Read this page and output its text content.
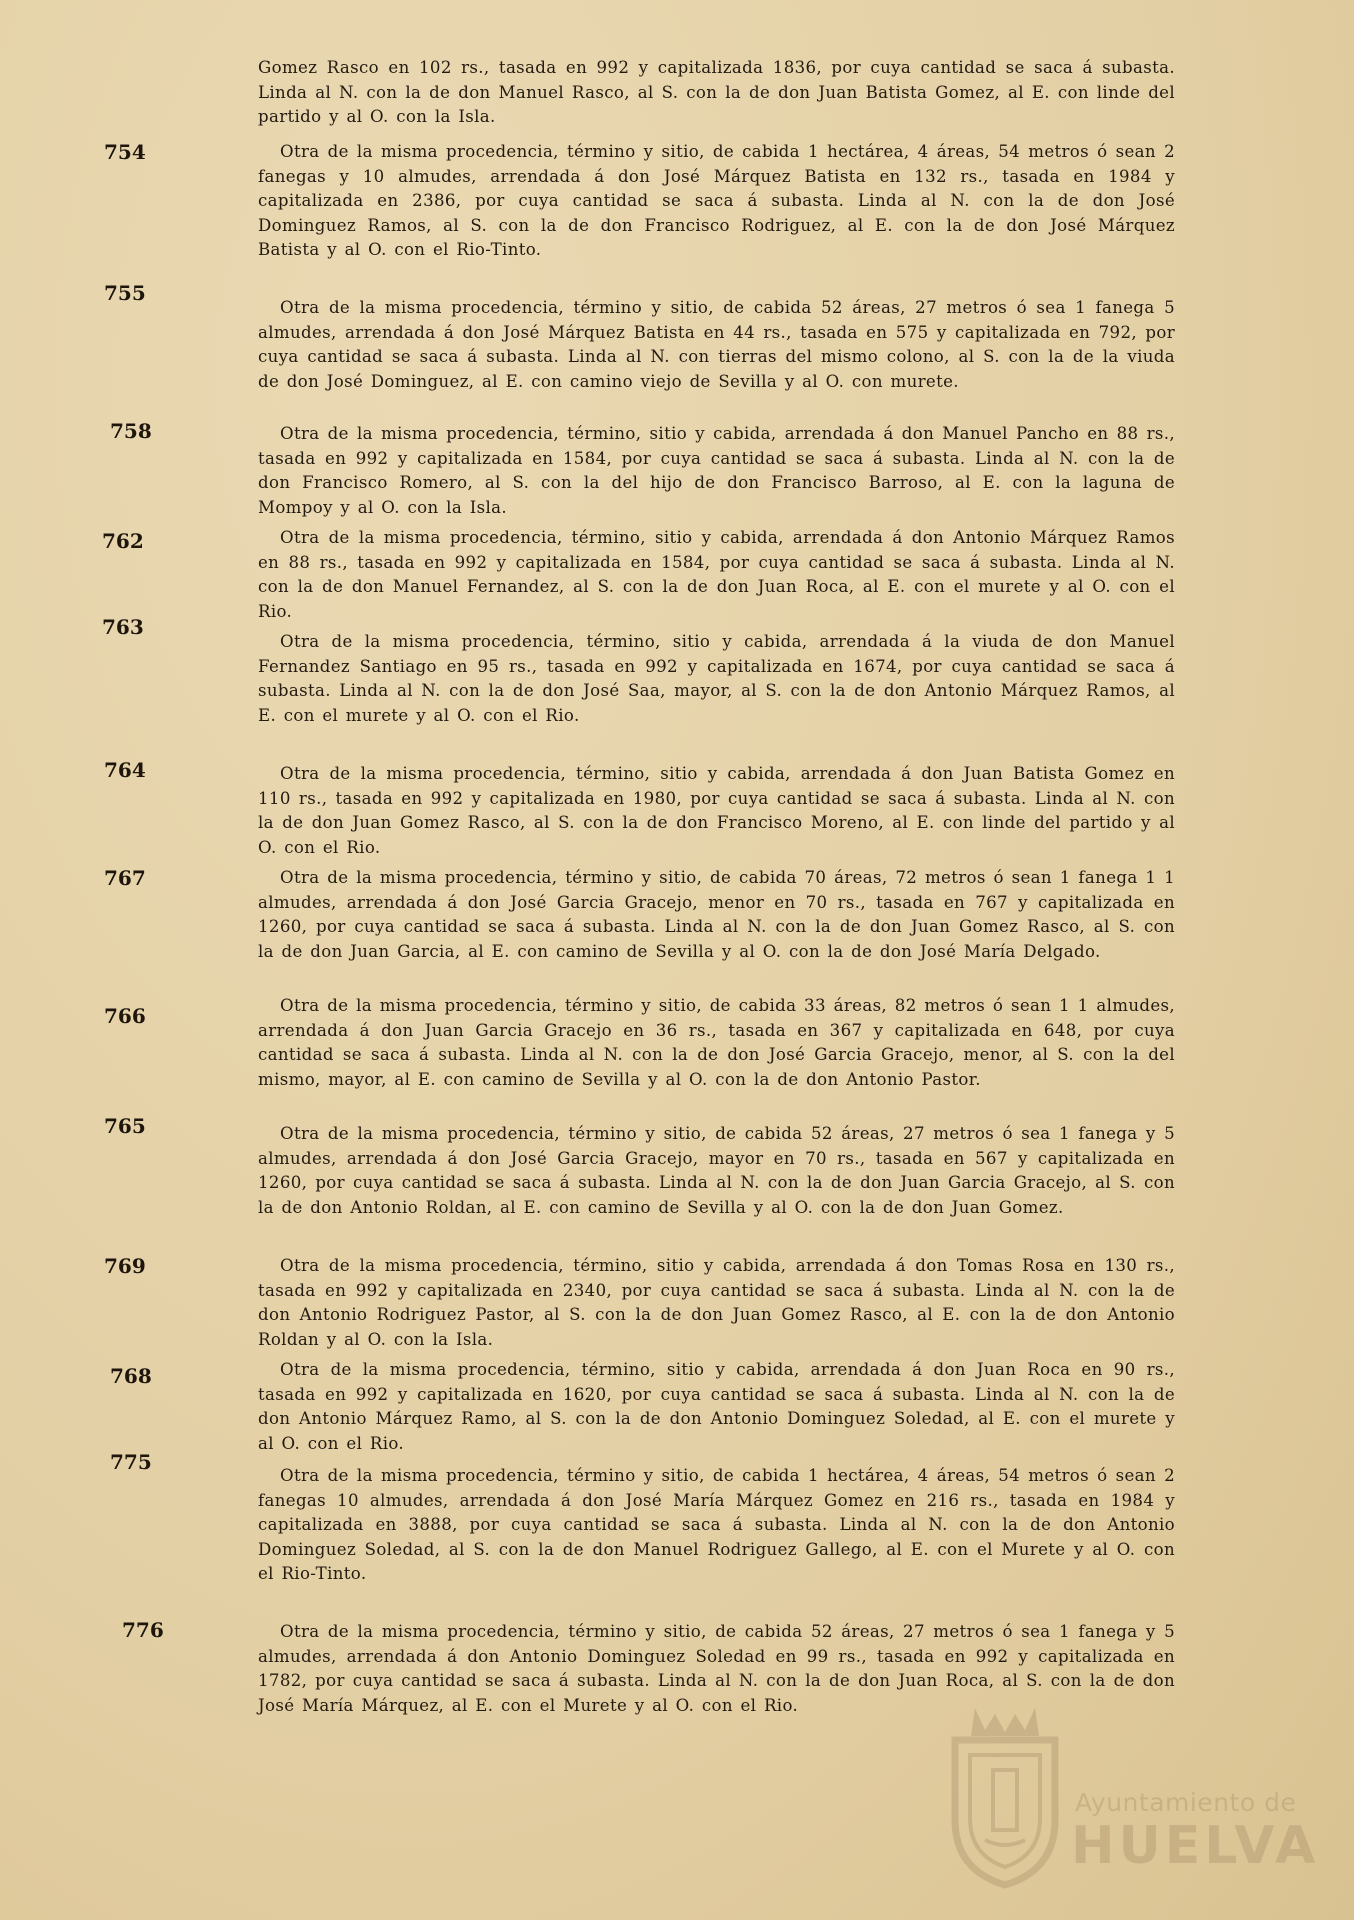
Gomez Rasco en 102 rs., tasada en 992 y capitalizada 1836, por cuya cantidad se saca á subasta. Linda al N. con la de don Manuel Rasco, al S. con la de don Juan Batista Gomez, al E. con linde del partido y al O. con la Isla.

754	Otra de la misma procedencia, término y sitio, de cabida 1 hectárea, 4 áreas, 54 metros ó sean 2 fanegas y 10 almudes, arrendada á don José Márquez Batista en 132 rs., tasada en 1984 y capitalizada en 2386, por cuya cantidad se saca á subasta. Linda al N. con la de don José Dominguez Ramos, al S. con la de don Francisco Rodriguez, al E. con la de don José Márquez Batista y al O. con el Rio-Tinto.

755

Otra de la misma procedencia, término y sitio, de cabida 52 áreas, 27 metros ó sea 1 fanega 5 almudes, arrendada á don José Márquez Batista en 44 rs., tasada en 575 y capitalizada en 792, por cuya cantidad se saca á subasta. Linda al N. con tierras del mismo colono, al S. con la de la viuda de don José Dominguez, al E. con camino viejo de Sevilla y al O. con murete.

758	Otra de la misma procedencia, término, sitio y cabida, arrendada á don Manuel Pancho en 88 rs., tasada en 992 y capitalizada en 1584, por cuya cantidad se saca á subasta. Linda al N. con la de don Francisco Romero, al S. con la del hijo de don Francisco Barroso, al E. con la laguna de Mompoy y al O. con la Isla.

762	Otra de la misma procedencia, término, sitio y cabida, arrendada á don Antonio Márquez Ramos en 88 rs., tasada en 992 y capitalizada en 1584, por cuya cantidad se saca á subasta. Linda al N. con la de don Manuel Fernandez, al S. con la de don Juan Roca, al E. con el murete y al O. con el Rio.

763

Otra de la misma procedencia, término, sitio y cabida, arrendada á la viuda de don Manuel Fernandez Santiago en 95 rs., tasada en 992 y capitalizada en 1674, por cuya cantidad se saca á subasta. Linda al N. con la de don José Saa, mayor, al S. con la de don Antonio Márquez Ramos, al E. con el murete y al O. con el Rio.

764	Otra de la misma procedencia, término, sitio y cabida, arrendada á don Juan Batista Gomez en 110 rs., tasada en 992 y capitalizada en 1980, por cuya cantidad se saca á subasta. Linda al N. con la de don Juan Gomez Rasco, al S. con la de don Francisco Moreno, al E. con linde del partido y al O. con el Rio.

767	Otra de la misma procedencia, término y sitio, de cabida 70 áreas, 72 metros ó sean 1 fanega 1 1 almudes, arrendada á don José Garcia Gracejo, menor en 70 rs., tasada en 767 y capitalizada en 1260, por cuya cantidad se saca á subasta. Linda al N. con la de don Juan Gomez Rasco, al S. con la de don Juan Garcia, al E. con camino de Sevilla y al O. con la de don José María Delgado.

766	Otra de la misma procedencia, término y sitio, de cabida 33 áreas, 82 metros ó sean 1 1 almudes, arrendada á don Juan Garcia Gracejo en 36 rs., tasada en 367 y capitalizada en 648, por cuya cantidad se saca á subasta. Linda al N. con la de don José Garcia Gracejo, menor, al S. con la del mismo, mayor, al E. con camino de Sevilla y al O. con la de don Antonio Pastor.

765	Otra de la misma procedencia, término y sitio, de cabida 52 áreas, 27 metros ó sea 1 fanega y 5 almudes, arrendada á don José Garcia Gracejo, mayor en 70 rs., tasada en 567 y capitalizada en 1260, por cuya cantidad se saca á subasta. Linda al N. con la de don Juan Garcia Gracejo, al S. con la de don Antonio Roldan, al E. con camino de Sevilla y al O. con la de don Juan Gomez.

769	Otra de la misma procedencia, término, sitio y cabida, arrendada á don Tomas Rosa en 130 rs., tasada en 992 y capitalizada en 2340, por cuya cantidad se saca á subasta. Linda al N. con la de don Antonio Rodriguez Pastor, al S. con la de don Juan Gomez Rasco, al E. con la de don Antonio Roldan y al O. con la Isla.

768	Otra de la misma procedencia, término, sitio y cabida, arrendada á don Juan Roca en 90 rs., tasada en 992 y capitalizada en 1620, por cuya cantidad se saca á subasta. Linda al N. con la de don Antonio Márquez Ramo, al S. con la de don Antonio Dominguez Soledad, al E. con el murete y al O. con el Rio.

775

Otra de la misma procedencia, término y sitio, de cabida 1 hectárea, 4 áreas, 54 metros ó sean 2 fanegas 10 almudes, arrendada á don José María Márquez Gomez en 216 rs., tasada en 1984 y capitalizada en 3888, por cuya cantidad se saca á subasta. Linda al N. con la de don Antonio Dominguez Soledad, al S. con la de don Manuel Rodriguez Gallego, al E. con el Murete y al O. con el Rio-Tinto.

776	Otra de la misma procedencia, término y sitio, de cabida 52 áreas, 27 metros ó sea 1 fanega y 5 almudes, arrendada á don Antonio Dominguez Soledad en 99 rs., tasada en 992 y capitalizada en 1782, por cuya cantidad se saca á subasta. Linda al N. con la de don Juan Roca, al S. con la de don José María Márquez, al E. con el Murete y al O. con el Rio.

Ayuntamiento de
HUELVA
